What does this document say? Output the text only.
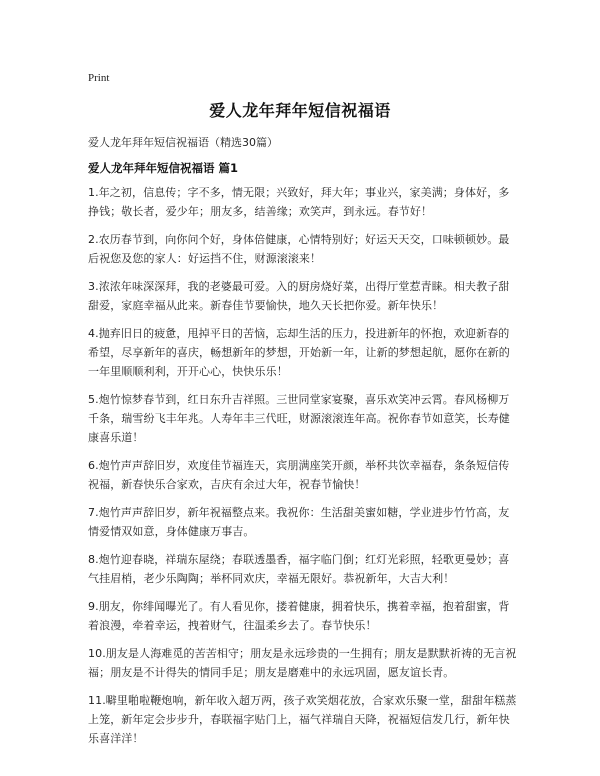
Print
爱人龙年拜年短信祝福语
爱人龙年拜年短信祝福语（精选30篇）
爱人龙年拜年短信祝福语 篇1

1.年之初，信息传；字不多，情无限；兴致好，拜大年；事业兴，家美满；身体好，多挣钱；敬长者，爱少年；朋友多，结善缘；欢笑声，到永远。春节好！

2.农历春节到，向你问个好，身体倍健康，心情特别好；好运天天交，口味顿顿妙。最后祝您及您的家人：好运挡不住，财源滚滚来！

3.浓浓年味深深拜，我的老婆最可爱。入的厨房烧好菜，出得厅堂惹青睐。相夫教子甜甜爱，家庭幸福从此来。新春佳节要愉快，地久天长把你爱。新年快乐！

4.抛弃旧日的疲惫，甩掉平日的苦恼，忘却生活的压力，投进新年的怀抱，欢迎新春的希望，尽享新年的喜庆，畅想新年的梦想，开始新一年，让新的梦想起航，愿你在新的一年里顺顺利利，开开心心，快快乐乐！

5.炮竹惊梦春节到，红日东升吉祥照。三世同堂家宴聚，喜乐欢笑冲云霄。春风杨柳万千条，瑞雪纷飞丰年兆。人寿年丰三代旺，财源滚滚连年高。祝你春节如意笑，长寿健康喜乐道！

6.炮竹声声辞旧岁，欢度佳节福连天，宾朋满座笑开颜，举杯共饮幸福春，条条短信传祝福，新春快乐合家欢，吉庆有余过大年，祝春节愉快！

7.炮竹声声辞旧岁，新年祝福整点来。我祝你：生活甜美蜜如糖，学业进步竹竹高，友情爱情双如意，身体健康万事吉。

8.炮竹迎春晓，祥瑞东屋绕；春联透墨香，福字临门倒；红灯光彩照，轻歌更曼妙；喜气挂眉梢，老少乐陶陶；举杯同欢庆，幸福无限好。恭祝新年，大吉大利！

9.朋友，你绯闻曝光了。有人看见你，搂着健康，拥着快乐，携着幸福，抱着甜蜜，背着浪漫，牵着幸运，拽着财气，往温柔乡去了。春节快乐！

10.朋友是人海难觅的苦苦相守；朋友是永远珍贵的一生拥有；朋友是默默祈祷的无言祝福；朋友是不计得失的情同手足；朋友是磨难中的永远巩固，愿友谊长青。

11.噼里啪啦鞭炮响，新年收入超万两，孩子欢笑烟花放，合家欢乐聚一堂，甜甜年糕蒸上笼，新年定会步步升，春联福字贴门上，福气祥瑞自天降，祝福短信发几行，新年快乐喜洋洋！
